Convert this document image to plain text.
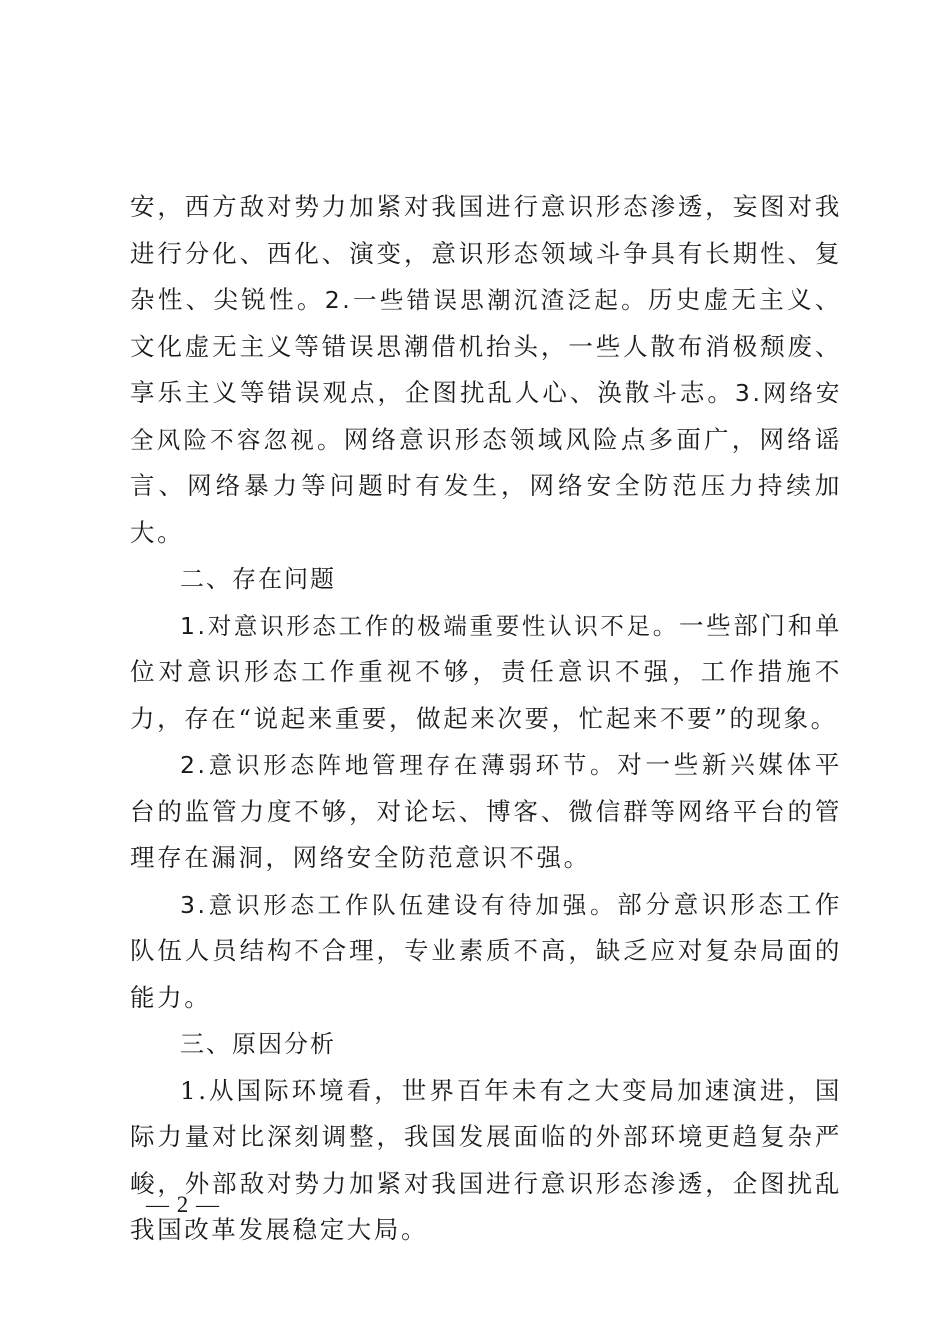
安，西方敌对势力加紧对我国进行意识形态渗透，妄图对我进行分化、西化、演变，意识形态领域斗争具有长期性、复杂性、尖锐性。2.一些错误思潮沉渣泛起。历史虚无主义、文化虚无主义等错误思潮借机抬头，一些人散布消极颓废、享乐主义等错误观点，企图扰乱人心、涣散斗志。3.网络安全风险不容忽视。网络意识形态领域风险点多面广，网络谣言、网络暴力等问题时有发生，网络安全防范压力持续加大。

二、存在问题

1.对意识形态工作的极端重要性认识不足。一些部门和单位对意识形态工作重视不够，责任意识不强，工作措施不力，存在“说起来重要，做起来次要，忙起来不要”的现象。

2.意识形态阵地管理存在薄弱环节。对一些新兴媒体平台的监管力度不够，对论坛、博客、微信群等网络平台的管理存在漏洞，网络安全防范意识不强。

3.意识形态工作队伍建设有待加强。部分意识形态工作队伍人员结构不合理，专业素质不高，缺乏应对复杂局面的能力。

三、原因分析

1.从国际环境看，世界百年未有之大变局加速演进，国际力量对比深刻调整，我国发展面临的外部环境更趋复杂严峻，外部敌对势力加紧对我国进行意识形态渗透，企图扰乱我国改革发展稳定大局。

— 2 —
